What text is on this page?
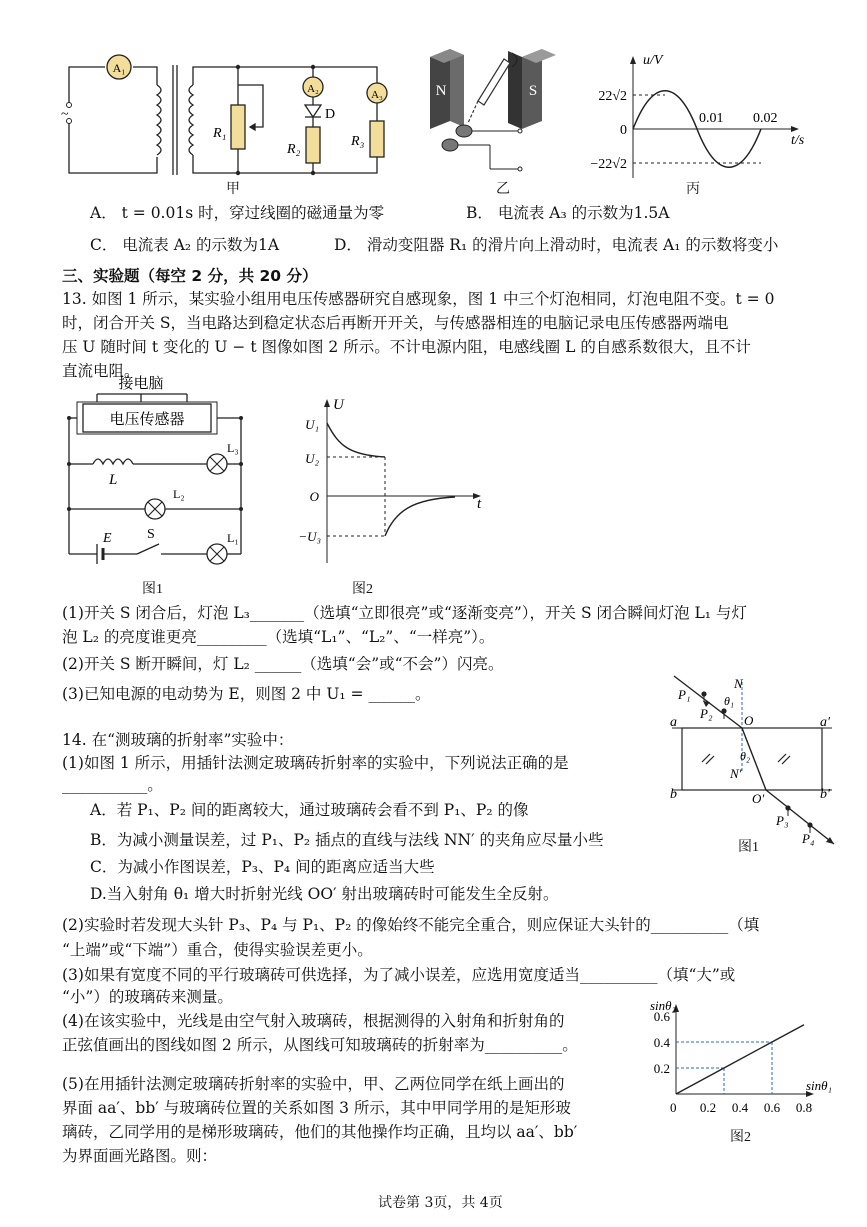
A₁
A₂	A₃
~
R₁
D
R₂
R₃
甲
N	S
乙
u/V
t/s
22√2
−22√2
0
0.01 0.02
丙
A． t = 0.01s 时，穿过线圈的磁通量为零	B． 电流表 A₃ 的示数为1.5A
C． 电流表 A₂ 的示数为1A	D． 滑动变阻器 R₁ 的滑片向上滑动时，电流表 A₁ 的示数将变小
三、实验题（每空 2 分，共 20 分）
13. 如图 1 所示，某实验小组用电压传感器研究自感现象，图 1 中三个灯泡相同，灯泡电阻不变。t = 0
时，闭合开关 S，当电路达到稳定状态后再断开开关，与传感器相连的电脑记录电压传感器两端电
压 U 随时间 t 变化的 U − t 图像如图 2 所示。不计电源内阻，电感线圈 L 的自感系数很大，且不计
直流电阻。
接电脑
电压传感器
L
L₃
L₂
L₁
E	S
图1
U
t
U₁
U₂
O
−U₃
图2
(1)开关 S 闭合后，灯泡 L₃_______（选填“立即很亮”或“逐渐变亮”），开关 S 闭合瞬间灯泡 L₁ 与灯
泡 L₂ 的亮度谁更亮_________（选填“L₁”、“L₂”、“一样亮”）。
(2)开关 S 断开瞬间，灯 L₂ ______（选填“会”或“不会”）闪亮。
(3)已知电源的电动势为 E，则图 2 中 U₁ = ______。
14. 在“测玻璃的折射率”实验中：
(1)如图 1 所示，用插针法测定玻璃砖折射率的实验中，下列说法正确的是
___________。
A．若 P₁、P₂ 间的距离较大，通过玻璃砖会看不到 P₁、P₂ 的像
B．为减小测量误差，过 P₁、P₂ 插点的直线与法线 NN′ 的夹角应尽量小些
C．为减小作图误差，P₃、P₄ 间的距离应适当大些
D.当入射角 θ₁ 增大时折射光线 OO′ 射出玻璃砖时可能发生全反射。
(2)实验时若发现大头针 P₃、P₄ 与 P₁、P₂ 的像始终不能完全重合，则应保证大头针的__________（填
“上端”或“下端”）重合，使得实验误差更小。
(3)如果有宽度不同的平行玻璃砖可供选择，为了减小误差，应选用宽度适当__________（填“大”或
“小”）的玻璃砖来测量。
(4)在该实验中，光线是由空气射入玻璃砖，根据测得的入射角和折射角的
正弦值画出的图线如图 2 所示，从图线可知玻璃砖的折射率为__________。
(5)在用插针法测定玻璃砖折射率的实验中，甲、乙两位同学在纸上画出的
界面 aa′、bb′ 与玻璃砖位置的关系如图 3 所示，其中甲同学用的是矩形玻
璃砖，乙同学用的是梯形玻璃砖，他们的其他操作均正确，且均以 aa′、bb′
为界面画光路图。则：
a	a′
b	b′
N
N′
O
O′
P₁
P₂
P₃
P₄
θ₁
θ₂
图1
0.2 0.4 0.6 0.8
0.2
0.4
0.6
sinθ₂
sinθ₁
0
图2
试卷第 3页，共 4页
